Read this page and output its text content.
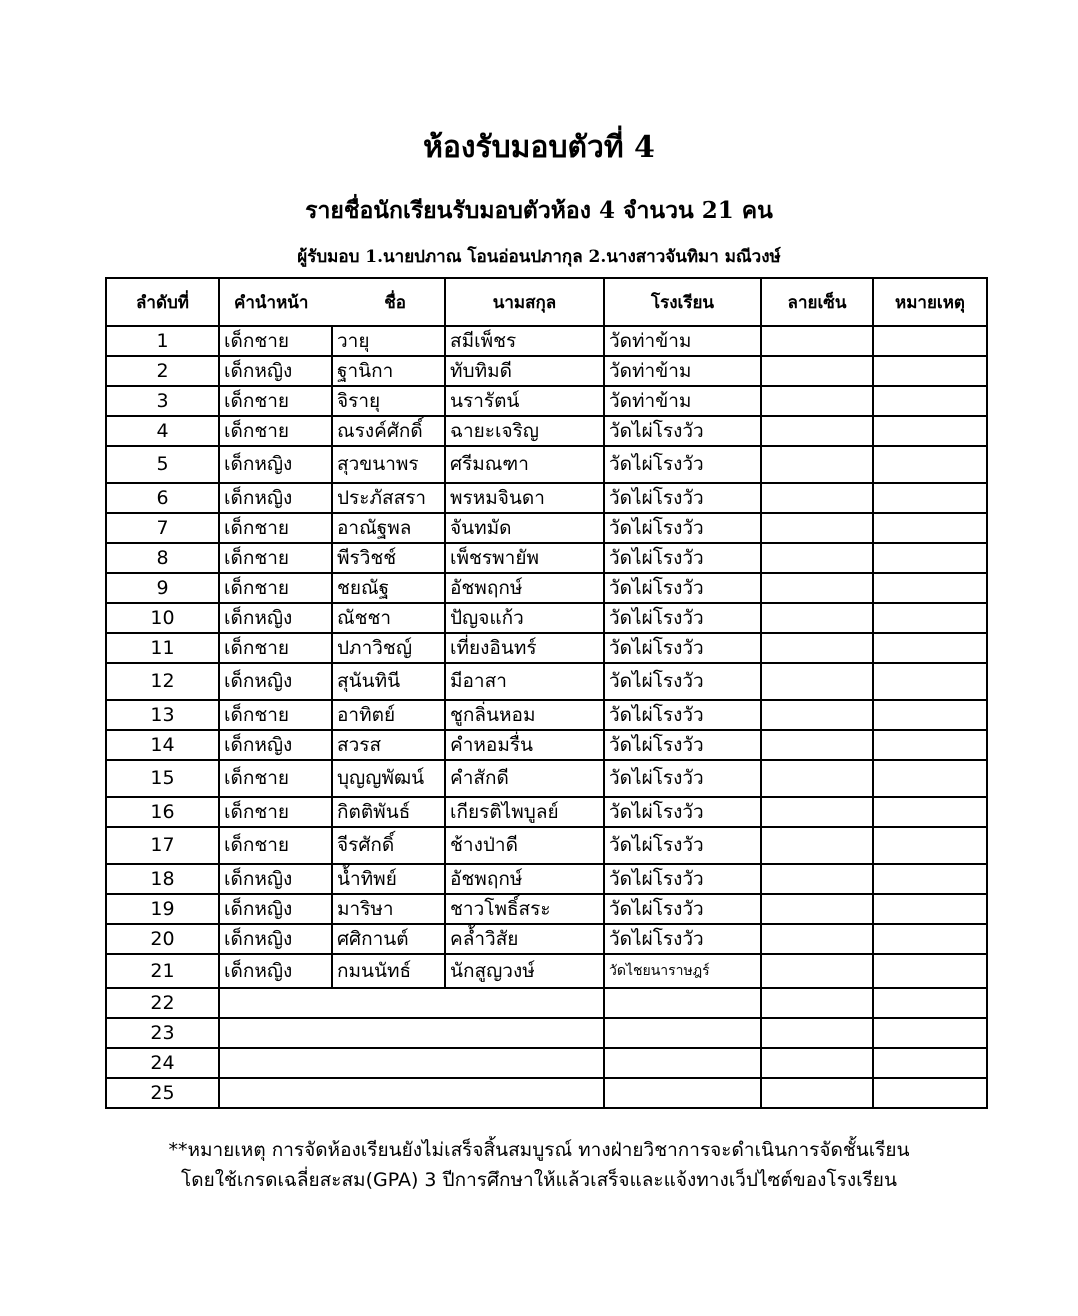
ห้องรับมอบตัวที่ 4
รายชื่อนักเรียนรับมอบตัวห้อง 4 จำนวน 21 คน
ผู้รับมอบ 1.นายปภาณ โอนอ่อนปภากุล 2.นางสาวจันทิมา มณีวงษ์
ลำดับที่	คำนำหน้า ชื่อ		นามสกุล	โรงเรียน	ลายเซ็น	หมายเหตุ
1	เด็กชาย	วายุ	สมีเพ็ชร	วัดท่าข้าม		
2	เด็กหญิง	ฐานิกา	ทับทิมดี	วัดท่าข้าม		
3	เด็กชาย	จิรายุ	นรารัตน์	วัดท่าข้าม		
4	เด็กชาย	ณรงค์ศักดิ์	ฉายะเจริญ	วัดไผ่โรงวัว		
5	เด็กหญิง	สุวขนาพร	ศรีมณฑา	วัดไผ่โรงวัว		
6	เด็กหญิง	ประภัสสรา	พรหมจินดา	วัดไผ่โรงวัว		
7	เด็กชาย	อาณัฐพล	จันทมัด	วัดไผ่โรงวัว		
8	เด็กชาย	พีรวิชช์	เพ็ชรพายัพ	วัดไผ่โรงวัว		
9	เด็กชาย	ชยณัฐ	อัชพฤกษ์	วัดไผ่โรงวัว		
10	เด็กหญิง	ณัชชา	ปัญจแก้ว	วัดไผ่โรงวัว		
11	เด็กชาย	ปภาวิชญ์	เที่ยงอินทร์	วัดไผ่โรงวัว		
12	เด็กหญิง	สุนันทินี	มีอาสา	วัดไผ่โรงวัว		
13	เด็กชาย	อาทิตย์	ชูกลิ่นหอม	วัดไผ่โรงวัว		
14	เด็กหญิง	สวรส	คำหอมรื่น	วัดไผ่โรงวัว		
15	เด็กชาย	บุญญพัฒน์	คำสักดี	วัดไผ่โรงวัว		
16	เด็กชาย	กิตติพันธ์	เกียรติไพบูลย์	วัดไผ่โรงวัว		
17	เด็กชาย	จีรศักดิ์	ช้างป่าดี	วัดไผ่โรงวัว		
18	เด็กหญิง	น้ำทิพย์	อัชพฤกษ์	วัดไผ่โรงวัว		
19	เด็กหญิง	มาริษา	ชาวโพธิ์สระ	วัดไผ่โรงวัว		
20	เด็กหญิง	ศศิกานต์	คล้ำวิสัย	วัดไผ่โรงวัว		
21	เด็กหญิง	กมนนัทธ์	นักสูญวงษ์	วัดไชยนาราษฎร์		
22						
23						
24						
25						
**หมายเหตุ การจัดห้องเรียนยังไม่เสร็จสิ้นสมบูรณ์ ทางฝ่ายวิชาการจะดำเนินการจัดชั้นเรียน
โดยใช้เกรดเฉลี่ยสะสม(GPA) 3 ปีการศึกษาให้แล้วเสร็จและแจ้งทางเว็ปไซต์ของโรงเรียน
